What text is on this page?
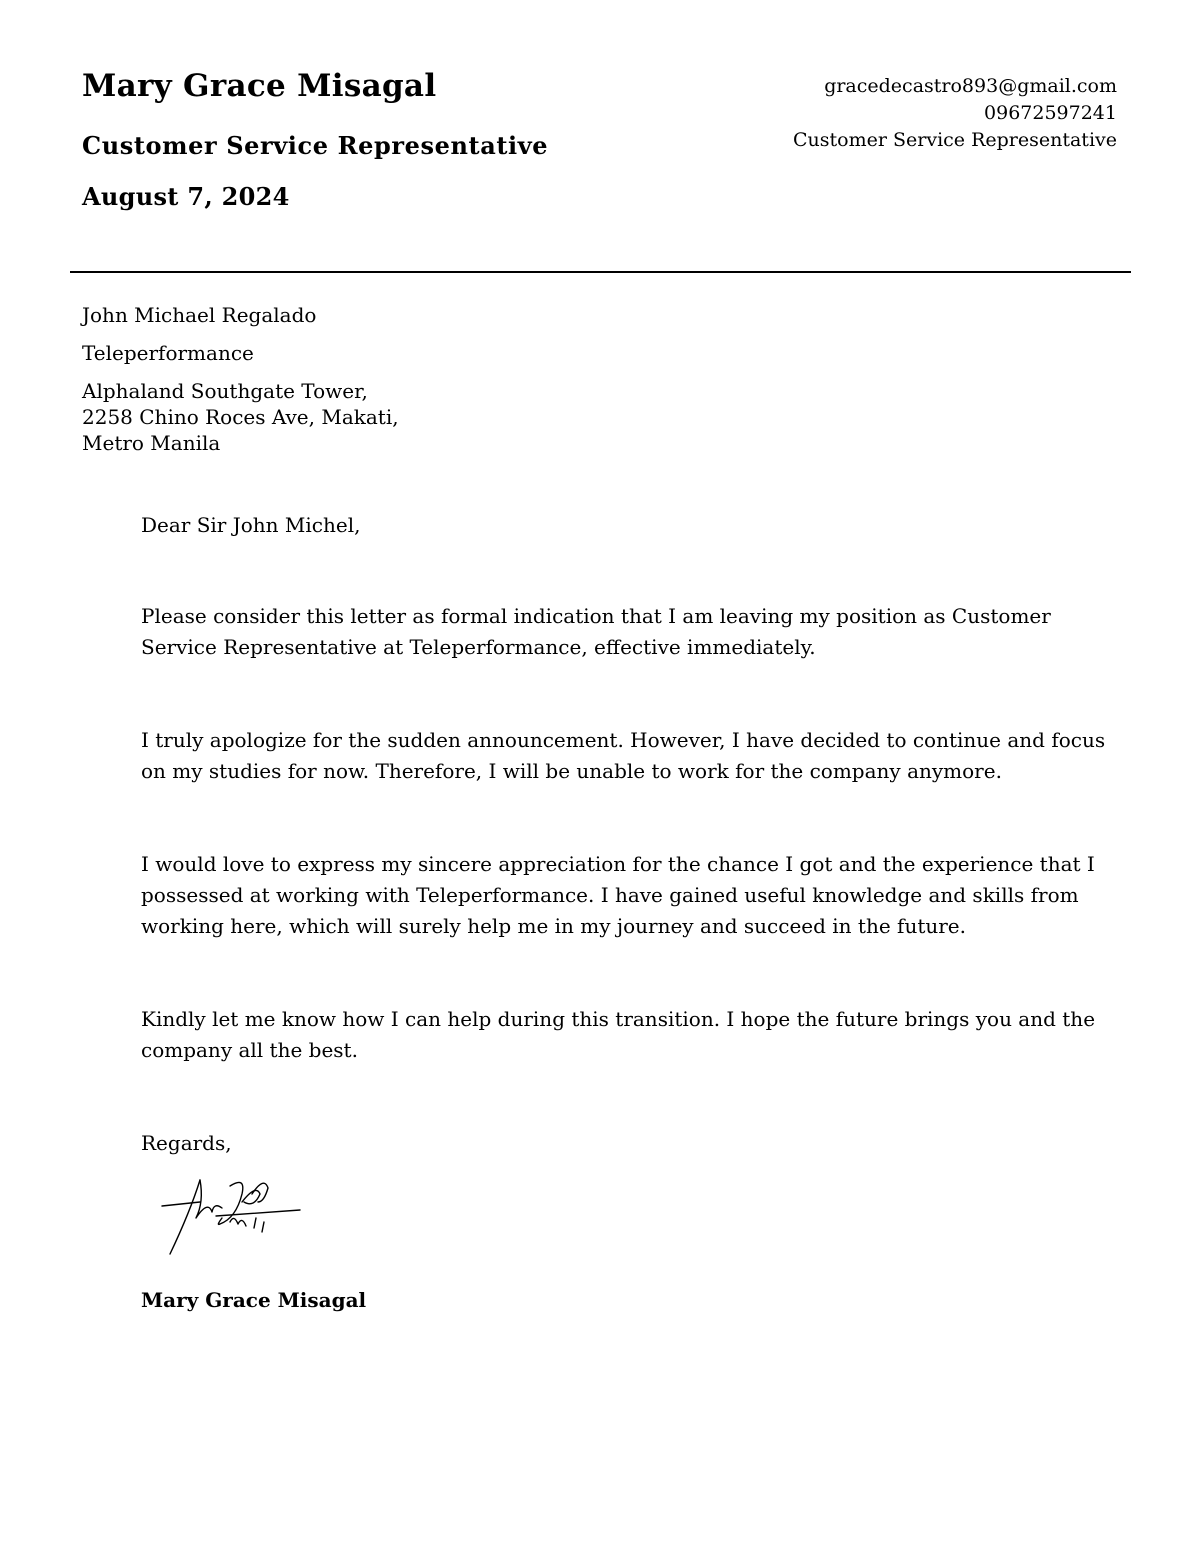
Mary Grace Misagal
Customer Service Representative
August 7, 2024
gracedecastro893@gmail.com
09672597241
Customer Service Representative
John Michael Regalado
Teleperformance
Alphaland Southgate Tower,
2258 Chino Roces Ave, Makati,
Metro Manila

Dear Sir John Michel,

Please consider this letter as formal indication that I am leaving my position as Customer Service Representative at Teleperformance, effective immediately.

I truly apologize for the sudden announcement. However, I have decided to continue and focus on my studies for now. Therefore, I will be unable to work for the company anymore.

I would love to express my sincere appreciation for the chance I got and the experience that I possessed at working with Teleperformance. I have gained useful knowledge and skills from working here, which will surely help me in my journey and succeed in the future.

Kindly let me know how I can help during this transition. I hope the future brings you and the company all the best.

Regards,

Mary Grace Misagal
